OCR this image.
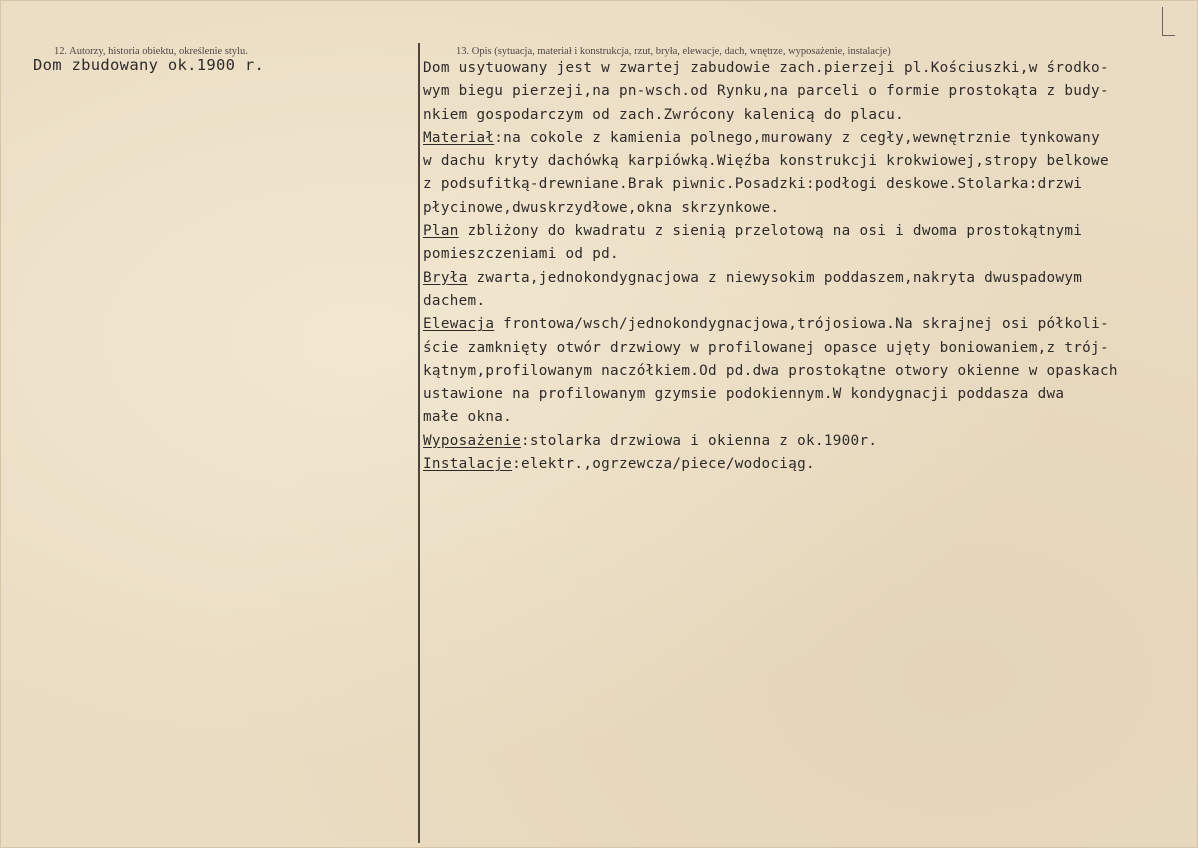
12. Autorzy, historia obiektu, określenie stylu.
Dom zbudowany ok.1900 r.
13. Opis (sytuacja, materiał i konstrukcja, rzut, bryła, elewacje, dach, wnętrze, wyposażenie, instalacje)
Dom usytuowany jest w zwartej zabudowie zach.pierzeji pl.Kościuszki,w środko-
wym biegu pierzeji,na pn-wsch.od Rynku,na parceli o formie prostokąta z budy-
nkiem gospodarczym od zach.Zwrócony kalenicą do placu.
Materiał:na cokole z kamienia polnego,murowany z cegły,wewnętrznie tynkowany
w dachu kryty dachówką karpiówką.Więźba konstrukcji krokwiowej,stropy belkowe
z podsufitką-drewniane.Brak piwnic.Posadzki:podłogi deskowe.Stolarka:drzwi
płycinowe,dwuskrzydłowe,okna skrzynkowe.
Plan zbliżony do kwadratu z sienią przelotową na osi i dwoma prostokątnymi
pomieszczeniami od pd.
Bryła zwarta,jednokondygnacjowa z niewysokim poddaszem,nakryta dwuspadowym
dachem.
Elewacja frontowa/wsch/jednokondygnacjowa,trójosiowa.Na skrajnej osi półkoli-
ście zamknięty otwór drzwiowy w profilowanej opasce ujęty boniowaniem,z trój-
kątnym,profilowanym naczółkiem.Od pd.dwa prostokątne otwory okienne w opaskach
ustawione na profilowanym gzymsie podokiennym.W kondygnacji poddasza dwa
małe okna.
Wyposażenie:stolarka drzwiowa i okienna z ok.1900r.
Instalacje:elektr.,ogrzewcza/piece/wodociąg.
